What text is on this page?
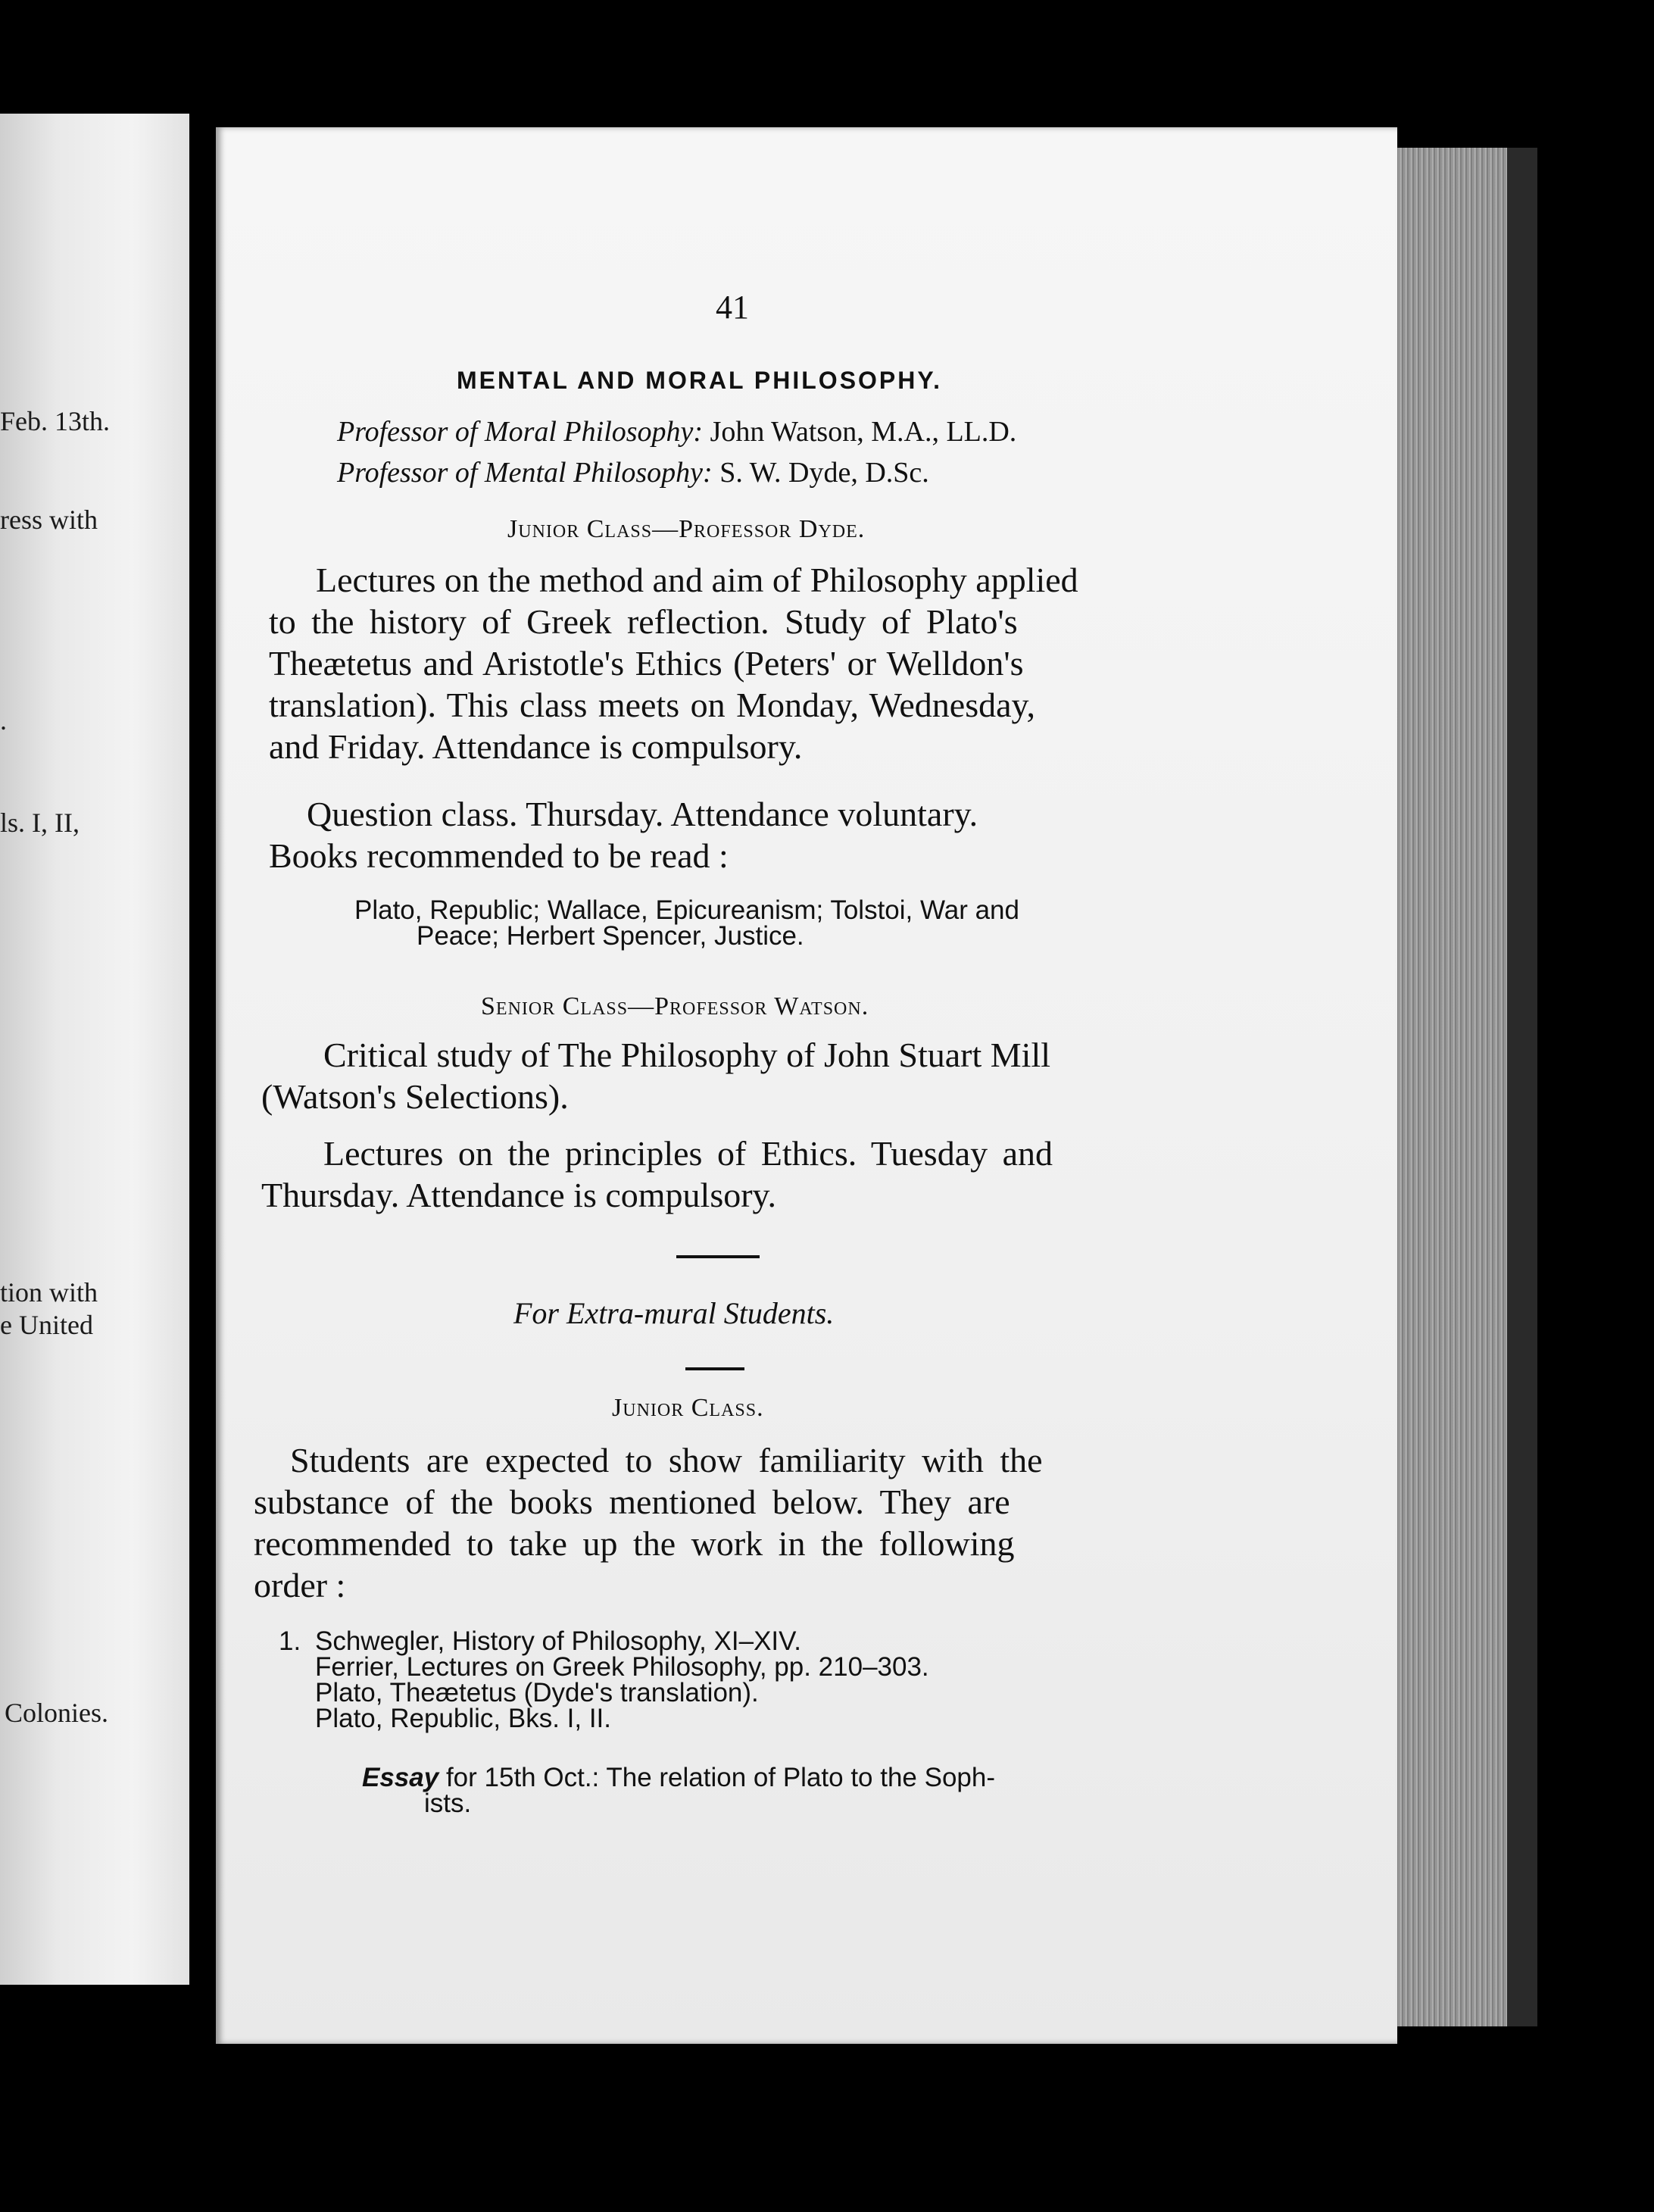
Feb. 13th.
ress with
.
ls. I, II,
tion with
e United
Colonies.
41
MENTAL AND MORAL PHILOSOPHY.
Professor of Moral Philosophy: John Watson, M.A., LL.D.
Professor of Mental Philosophy: S. W. Dyde, D.Sc.
Junior Class—Professor Dyde.
Lectures on the method and aim of Philosophy applied
to the history of Greek reflection. Study of Plato's
Theætetus and Aristotle's Ethics (Peters' or Welldon's
translation). This class meets on Monday, Wednesday,
and Friday. Attendance is compulsory.
Question class. Thursday. Attendance voluntary.
Books recommended to be read :
Plato, Republic; Wallace, Epicureanism; Tolstoi, War and
Peace; Herbert Spencer, Justice.
Senior Class—Professor Watson.
Critical study of The Philosophy of John Stuart Mill
(Watson's Selections).
Lectures on the principles of Ethics. Tuesday and
Thursday. Attendance is compulsory.
For Extra-mural Students.
Junior Class.
Students are expected to show familiarity with the
substance of the books mentioned below. They are
recommended to take up the work in the following
order :
1. Schwegler, History of Philosophy, XI–XIV.
Ferrier, Lectures on Greek Philosophy, pp. 210–303.
Plato, Theætetus (Dyde's translation).
Plato, Republic, Bks. I, II.
Essay for 15th Oct.: The relation of Plato to the Soph-
ists.
